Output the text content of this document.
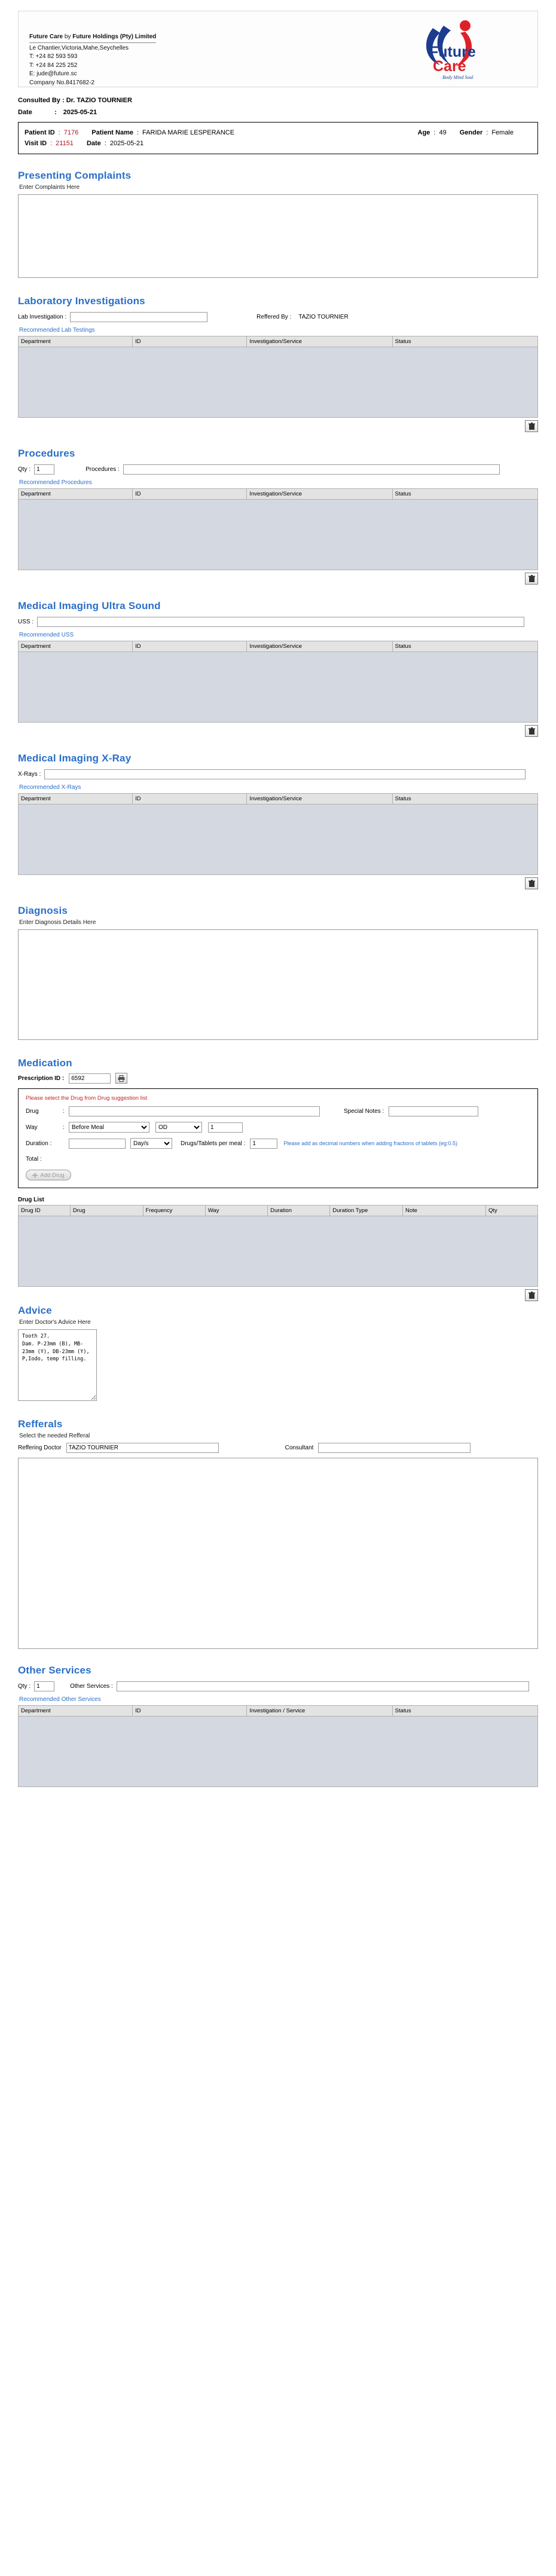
Future Care by Future Holdings (Pty) Limited
Le Chantier,Victoria,Mahe,Seychelles
T: +24 82 593 593
T: +24 84 225 252
E: jude@future.sc
Company No.8417682-2
Future
Care
Body Mind Soul
Consulted By : Dr. TAZIO TOURNIER
Date	: 2025-05-21
Patient ID : 7176 Patient Name : FARIDA MARIE LESPERANCE	Age : 49 Gender : Female
Visit ID : 21151 Date : 2025-05-21
Presenting Complaints
Enter Complaints Here
Laboratory Investigations
Lab Investigation :	Reffered By : TAZIO TOURNIER
Recommended Lab Testings
Department	ID	Investigation/Service	Status

Procedures
Qty :
1	Procedures :
Recommended Procedures
Department	ID	Investigation/Service	Status

Medical Imaging Ultra Sound
USS :
Recommended USS
Department	ID	Investigation/Service	Status

Medical Imaging X-Ray
X-Rays :
Recommended X-Rays
Department	ID	Investigation/Service	Status

Diagnosis
Enter Diagnosis Details Here
Medication
Prescription ID :
6592
Please select the Drug from Drug suggestion list
Drug	:	Special Notes :
Way	:
Before Meal
OD
1
Duration :
Day/s	Drugs/Tablets per meal :
1	Please add as decimal numbers when adding fractions of tablets (eg:0.5)
Total :
Add Drug
Drug List
Drug ID	Drug	Frequency	Way	Duration	Duration Type	Note	Qty

Advice
Enter Doctor's Advice Here
Tooth 27. Dam. P-23mm (B), MB-23mm (Y), DB-23mm (Y), P,Iodo, temp filling.
Refferals
Select the needed Refferal
Reffering Doctor
TAZIO TOURNIER	Consultant
Other Services
Qty :
1	Other Services :
Recommended Other Services
Department	ID	Investigation / Service	Status
